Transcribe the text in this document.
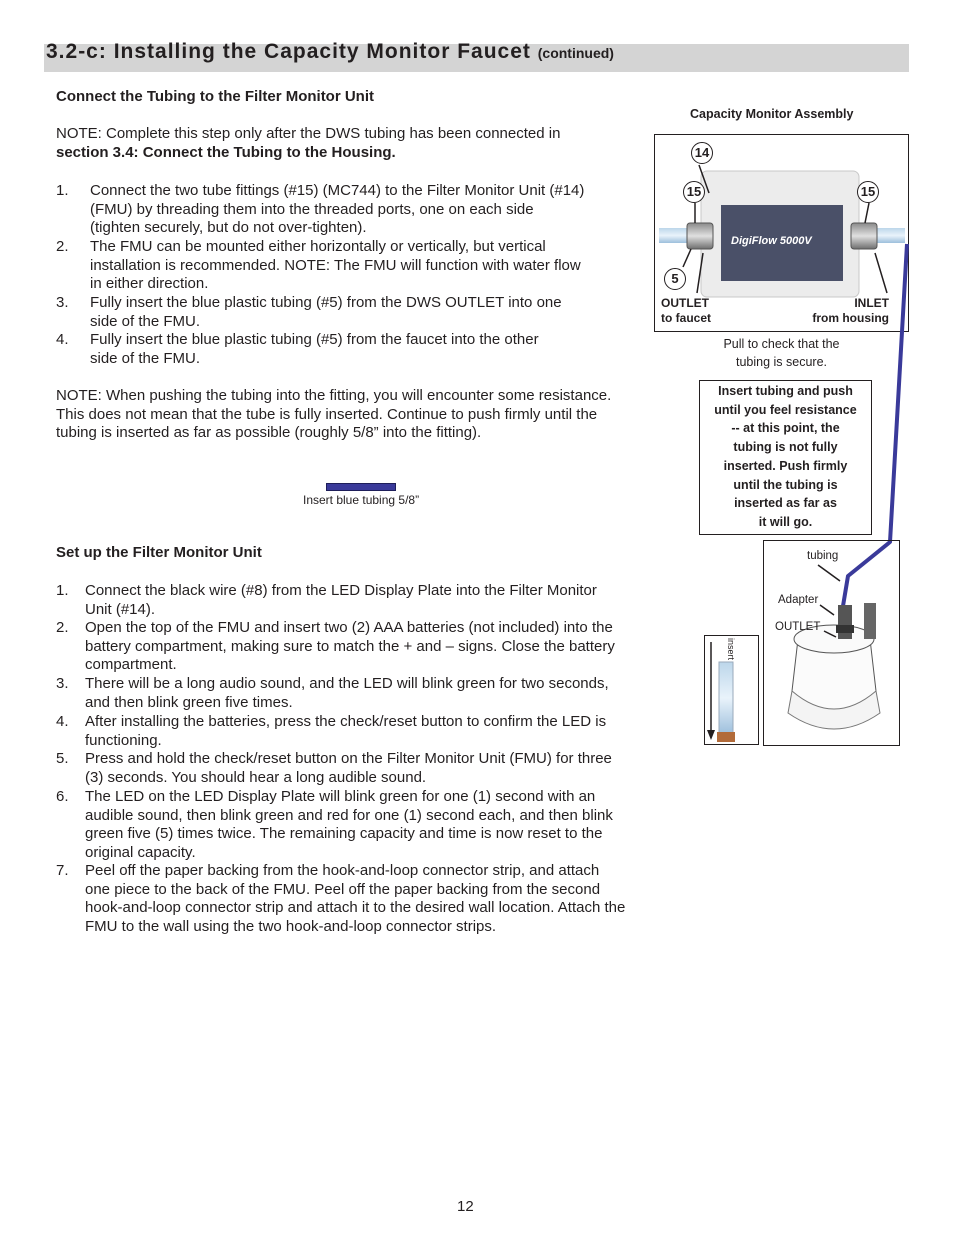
3.2-c: Installing the Capacity Monitor Faucet (continued)
Connect the Tubing to the Filter Monitor Unit
NOTE: Complete this step only after the DWS tubing has been connected in
section 3.4: Connect the Tubing to the Housing.
1. Connect the two tube fittings (#15) (MC744) to the Filter Monitor Unit (#14)
(FMU) by threading them into the threaded ports, one on each side
(tighten securely, but do not over-tighten).
2. The FMU can be mounted either horizontally or vertically, but vertical
installation is recommended. NOTE: The FMU will function with water flow
in either direction.
3. Fully insert the blue plastic tubing (#5) from the DWS OUTLET into one
side of the FMU.
4. Fully insert the blue plastic tubing (#5) from the faucet into the other
side of the FMU.
NOTE: When pushing the tubing into the fitting, you will encounter some resistance.
This does not mean that the tube is fully inserted. Continue to push firmly until the
tubing is inserted as far as possible (roughly 5/8” into the fitting).
Insert blue tubing 5/8”
Set up the Filter Monitor Unit
1. Connect the black wire (#8) from the LED Display Plate into the Filter Monitor
Unit (#14).
2. Open the top of the FMU and insert two (2) AAA batteries (not included) into the
battery compartment, making sure to match the + and – signs. Close the battery
compartment.
3. There will be a long audio sound, and the LED will blink green for two seconds,
and then blink green five times.
4. After installing the batteries, press the check/reset button to confirm the LED is
functioning.
5. Press and hold the check/reset button on the Filter Monitor Unit (FMU) for three
(3) seconds. You should hear a long audible sound.
6. The LED on the LED Display Plate will blink green for one (1) second with an
audible sound, then blink green and red for one (1) second each, and then blink
green five (5) times twice. The remaining capacity and time is now reset to the
original capacity.
7. Peel off the paper backing from the hook-and-loop connector strip, and attach
one piece to the back of the FMU. Peel off the paper backing from the second
hook-and-loop connector strip and attach it to the desired wall location. Attach the
FMU to the wall using the two hook-and-loop connector strips.
Capacity Monitor Assembly
DigiFlow 5000V
14
15	15
5
OUTLET
to faucet
INLET
from housing
Pull to check that the
tubing is secure.
Insert tubing and push
until you feel resistance
-- at this point, the
tubing is not fully
inserted. Push firmly
until the tubing is
inserted as far as
it will go.
tubing
Adapter
OUTLET
insert
12
